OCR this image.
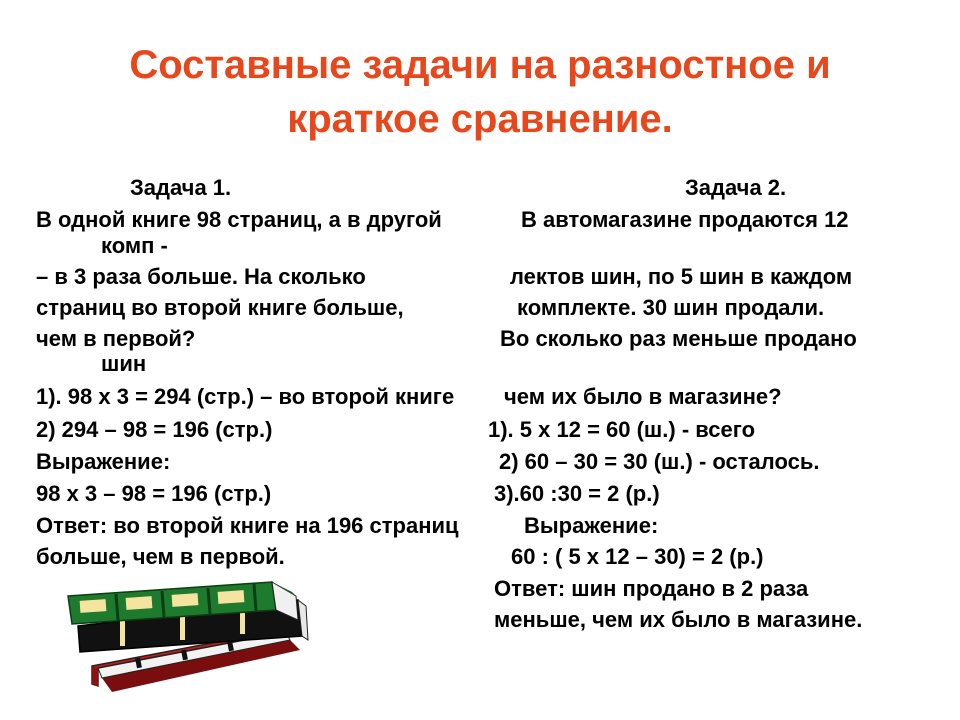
Составные задачи на разностное и
краткое сравнение.
Задача 1.	Задача 2.
В одной книге 98 страниц, а в другой	В автомагазине продаются 12
комп -
– в 3 раза больше. На сколько	лектов шин, по 5 шин в каждом
страниц во второй книге больше,	комплекте. 30 шин продали.
чем в первой?	Во сколько раз меньше продано
шин
1). 98 х 3 = 294 (стр.) – во второй книге чем их было в магазине?
2) 294 – 98 = 196 (стр.)	1). 5 х 12 = 60 (ш.) - всего
Выражение:	2) 60 – 30 = 30 (ш.) - осталось.
98 х 3 – 98 = 196 (стр.)	3).60 :30 = 2 (р.)
Ответ: во второй книге на 196 страниц	Выражение:
больше, чем в первой.	60 : ( 5 х 12 – 30) = 2 (р.)
Ответ: шин продано в 2 раза
меньше, чем их было в магазине.
